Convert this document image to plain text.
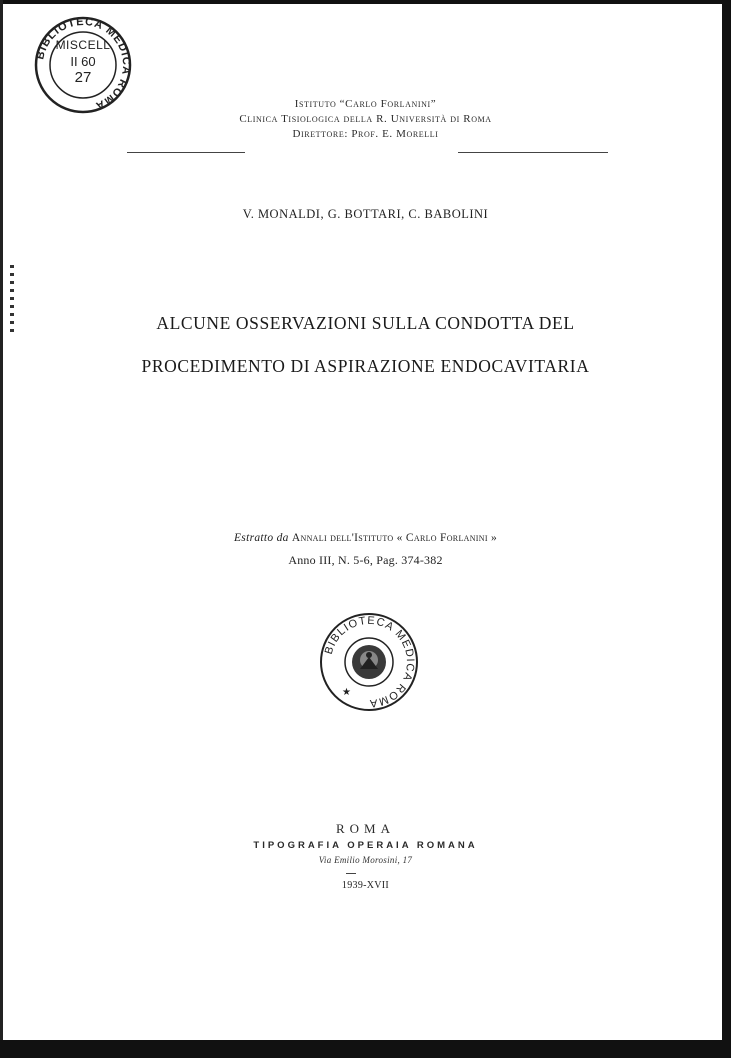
BIBLIOTECA MEDICA ROMA
MISCELL
II 60
27
Istituto “Carlo Forlanini”
Clinica Tisiologica della R. Università di Roma
Direttore: Prof. E. Morelli
V. MONALDI, G. BOTTARI, C. BABOLINI
ALCUNE OSSERVAZIONI SULLA CONDOTTA DEL
PROCEDIMENTO DI ASPIRAZIONE ENDOCAVITARIA
Estratto da Annali dell'Istituto « Carlo Forlanini »
Anno III, N. 5-6, Pag. 374-382
BIBLIOTECA MEDICA ROMA
★
ROMA
TIPOGRAFIA OPERAIA ROMANA
Via Emilio Morosini, 17
1939-XVII
